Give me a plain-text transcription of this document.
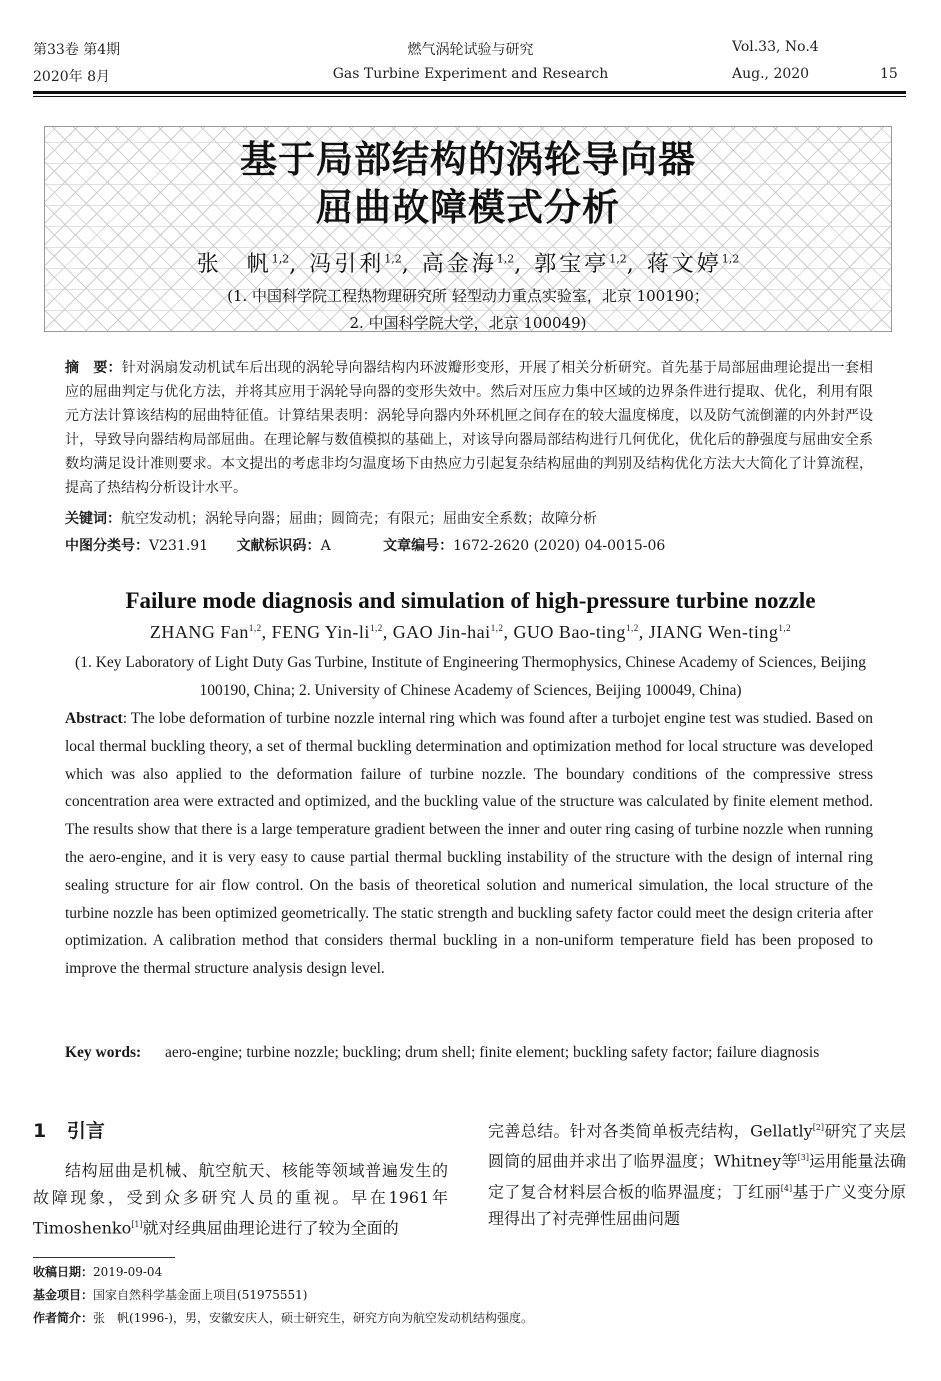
第33卷 第4期
2020年 8月
燃气涡轮试验与研究
Gas Turbine Experiment and Research
Vol.33, No.4
Aug., 2020	15
基于局部结构的涡轮导向器
屈曲故障模式分析
张　帆$^{1,2}$, 冯引利$^{1,2}$, 高金海$^{1,2}$, 郭宝亭$^{1,2}$, 蒋文婷$^{1,2}$
(1. 中国科学院工程热物理研究所 轻型动力重点实验室，北京 100190；
2. 中国科学院大学，北京 100049)
摘　要：针对涡扇发动机试车后出现的涡轮导向器结构内环波瓣形变形，开展了相关分析研究。首先基于局部屈曲理论提出一套相应的屈曲判定与优化方法，并将其应用于涡轮导向器的变形失效中。然后对压应力集中区域的边界条件进行提取、优化，利用有限元方法计算该结构的屈曲特征值。计算结果表明：涡轮导向器内外环机匣之间存在的较大温度梯度，以及防气流倒灌的内外封严设计，导致导向器结构局部屈曲。在理论解与数值模拟的基础上，对该导向器局部结构进行几何优化，优化后的静强度与屈曲安全系数均满足设计准则要求。本文提出的考虑非均匀温度场下由热应力引起复杂结构屈曲的判别及结构优化方法大大简化了计算流程，提高了热结构分析设计水平。
关键词：航空发动机；涡轮导向器；屈曲；圆筒壳；有限元；屈曲安全系数；故障分析
中图分类号：V231.91 文献标识码：A	文章编号：1672-2620 (2020) 04-0015-06
Failure mode diagnosis and simulation of high-pressure turbine nozzle
ZHANG Fan$^{1,2}$, FENG Yin-li$^{1,2}$, GAO Jin-hai$^{1,2}$, GUO Bao-ting$^{1,2}$, JIANG Wen-ting$^{1,2}$
(1. Key Laboratory of Light Duty Gas Turbine, Institute of Engineering Thermophysics, Chinese Academy of Sciences, Beijing 100190, China; 2. University of Chinese Academy of Sciences, Beijing 100049, China)
Abstract: The lobe deformation of turbine nozzle internal ring which was found after a turbojet engine test was studied. Based on local thermal buckling theory, a set of thermal buckling determination and optimization method for local structure was developed which was also applied to the deformation failure of turbine nozzle. The boundary conditions of the compressive stress concentration area were extracted and optimized, and the buckling value of the structure was calculated by finite element method. The results show that there is a large temperature gradient between the inner and outer ring casing of turbine nozzle when running the aero-engine, and it is very easy to cause partial thermal buckling instability of the structure with the design of internal ring sealing structure for air flow control. On the basis of theoretical solution and numerical simulation, the local structure of the turbine nozzle has been optimized geometrically. The static strength and buckling safety factor could meet the design criteria after optimization. A calibration method that considers thermal buckling in a non-uniform temperature field has been proposed to improve the thermal structure analysis design level.
Key words: aero-engine; turbine nozzle; buckling; drum shell; finite element; buckling safety factor; failure diagnosis
1 引言
结构屈曲是机械、航空航天、核能等领域普遍发生的故障现象，受到众多研究人员的重视。早在1961年Timoshenko[1]就对经典屈曲理论进行了较为全面的
完善总结。针对各类简单板壳结构，Gellatly[2]研究了夹层圆筒的屈曲并求出了临界温度；Whitney等[3]运用能量法确定了复合材料层合板的临界温度；丁红丽[4]基于广义变分原理得出了衬壳弹性屈曲问题
收稿日期：2019-09-04
基金项目：国家自然科学基金面上项目(51975551)
作者简介：张　帆(1996-)，男，安徽安庆人，硕士研究生，研究方向为航空发动机结构强度。
